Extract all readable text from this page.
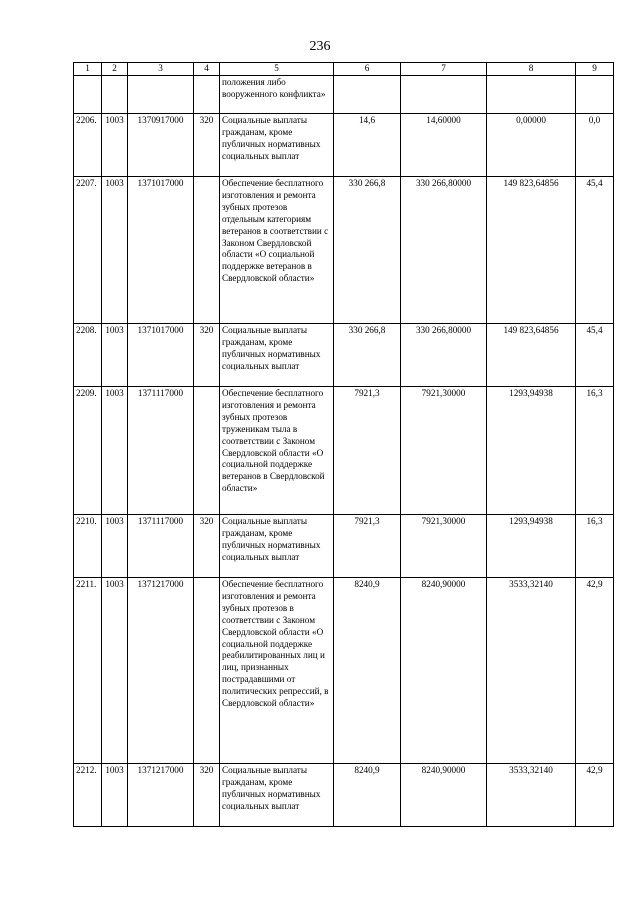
236
1	2	3	4	5	6	7	8	9
				положения либо вооруженного конфликта»				
2206.	1003	1370917000	320	Социальные выплаты гражданам, кроме публичных нормативных социальных выплат	14,6	14,60000	0,00000	0,0
2207.	1003	1371017000		Обеспечение бесплатного изготовления и ремонта зубных протезов отдельным категориям ветеранов в соответствии с Законом Свердловской области «О социальной поддержке ветеранов в Свердловской области»	330 266,8	330 266,80000	149 823,64856	45,4
2208.	1003	1371017000	320	Социальные выплаты гражданам, кроме публичных нормативных социальных выплат	330 266,8	330 266,80000	149 823,64856	45,4
2209.	1003	1371117000		Обеспечение бесплатного изготовления и ремонта зубных протезов труженикам тыла в соответствии с Законом Свердловской области «О социальной поддержке ветеранов в Свердловской области»	7921,3	7921,30000	1293,94938	16,3
2210.	1003	1371117000	320	Социальные выплаты гражданам, кроме публичных нормативных социальных выплат	7921,3	7921,30000	1293,94938	16,3
2211.	1003	1371217000		Обеспечение бесплатного изготовления и ремонта зубных протезов в соответствии с Законом Свердловской области «О социальной поддержке реабилитированных лиц и лиц, признанных пострадавшими от политических репрессий, в Свердловской области»	8240,9	8240,90000	3533,32140	42,9
2212.	1003	1371217000	320	Социальные выплаты гражданам, кроме публичных нормативных социальных выплат	8240,9	8240,90000	3533,32140	42,9
